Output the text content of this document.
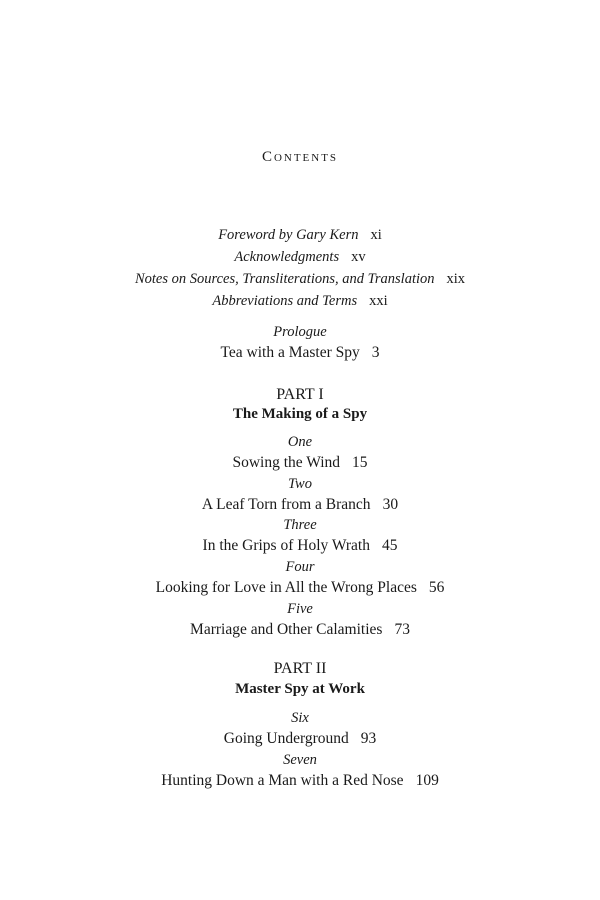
Contents
Foreword by Gary Kern xi
Acknowledgments xv
Notes on Sources, Transliterations, and Translation xix
Abbreviations and Terms xxi
Prologue
Tea with a Master Spy 3
PART I
The Making of a Spy
One
Sowing the Wind 15
Two
A Leaf Torn from a Branch 30
Three
In the Grips of Holy Wrath 45
Four
Looking for Love in All the Wrong Places 56
Five
Marriage and Other Calamities 73
PART II
Master Spy at Work
Six
Going Underground 93
Seven
Hunting Down a Man with a Red Nose 109
